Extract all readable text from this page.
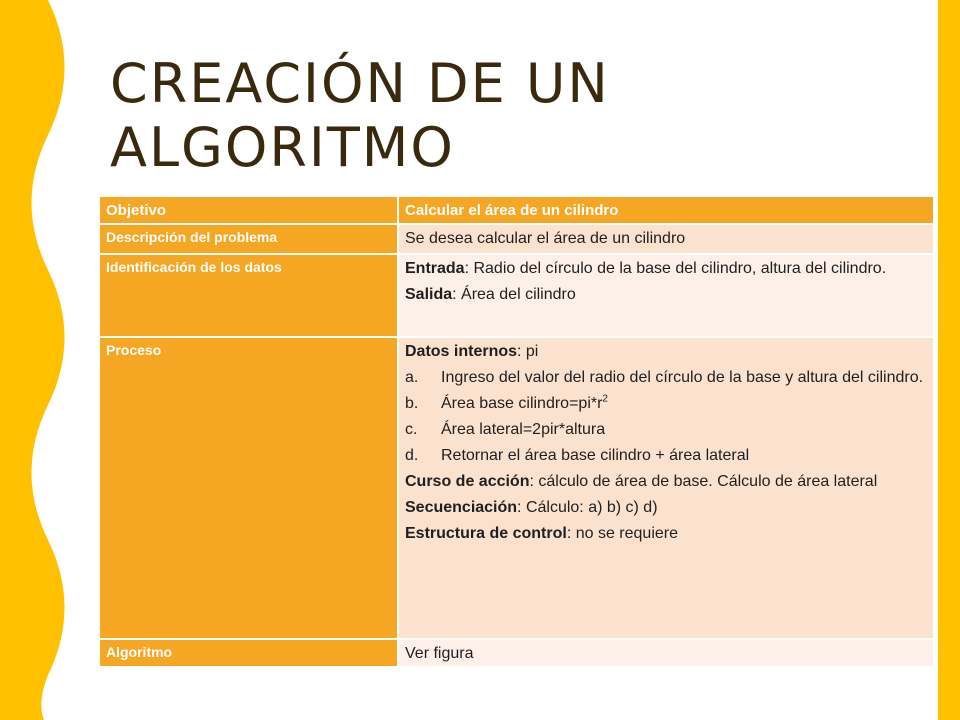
CREACIÓN DE UN
ALGORITMO
Objetivo	Calcular el área de un cilindro
Descripción del problema	Se desea calcular el área de un cilindro
Identificación de los datos	Entrada: Radio del círculo de la base del cilindro, altura del cilindro.
Salida: Área del cilindro
Proceso	Datos internos: pi
a.	Ingreso del valor del radio del círculo de la base y altura del cilindro.
b.	Área base $cilindro=pi*r^2$
c.	Área lateral=2pir*altura
d.	Retornar el área base cilindro + área lateral
Curso de acción: cálculo de área de base. Cálculo de área lateral
Secuenciación: Cálculo: a) b) c) d)
Estructura de control: no se requiere
Algoritmo	Ver figura
